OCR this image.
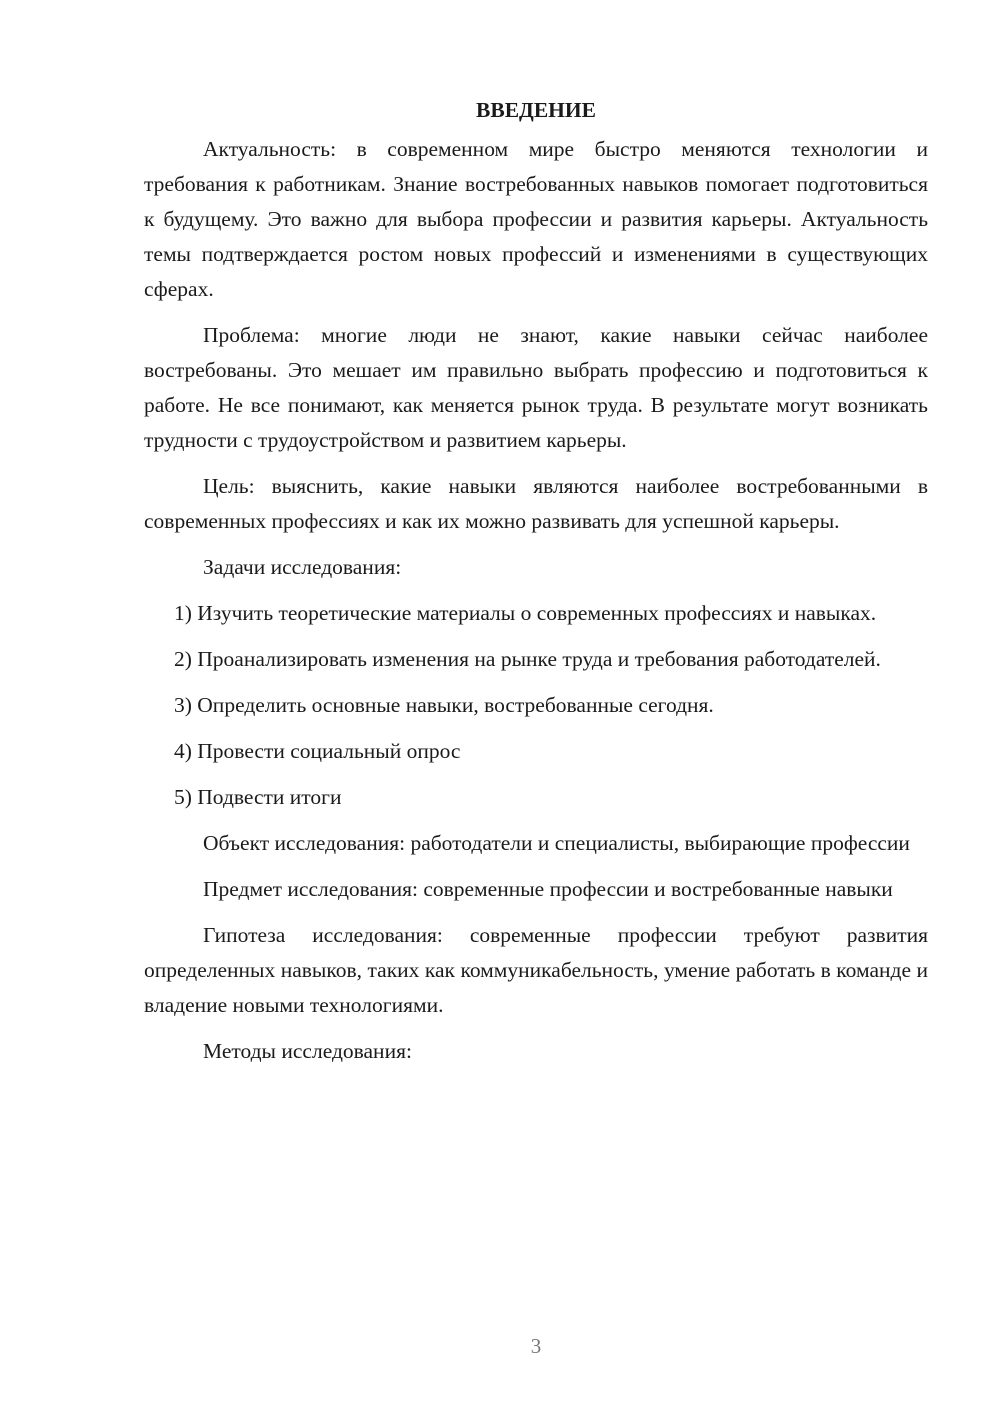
ВВЕДЕНИЕ

Актуальность: в современном мире быстро меняются технологии и требования к работникам. Знание востребованных навыков помогает подготовиться к будущему. Это важно для выбора профессии и развития карьеры. Актуальность темы подтверждается ростом новых профессий и изменениями в существующих сферах.

Проблема: многие люди не знают, какие навыки сейчас наиболее востребованы. Это мешает им правильно выбрать профессию и подготовиться к работе. Не все понимают, как меняется рынок труда. В результате могут возникать трудности с трудоустройством и развитием карьеры.

Цель: выяснить, какие навыки являются наиболее востребованными в современных профессиях и как их можно развивать для успешной карьеры.

Задачи исследования:

1) Изучить теоретические материалы о современных профессиях и навыках.

2) Проанализировать изменения на рынке труда и требования работодателей.

3) Определить основные навыки, востребованные сегодня.

4) Провести социальный опрос

5) Подвести итоги

Объект исследования: работодатели и специалисты, выбирающие профессии

Предмет исследования: современные профессии и востребованные навыки

Гипотеза исследования: современные профессии требуют развития определенных навыков, таких как коммуникабельность, умение работать в команде и владение новыми технологиями.

Методы исследования:

3
